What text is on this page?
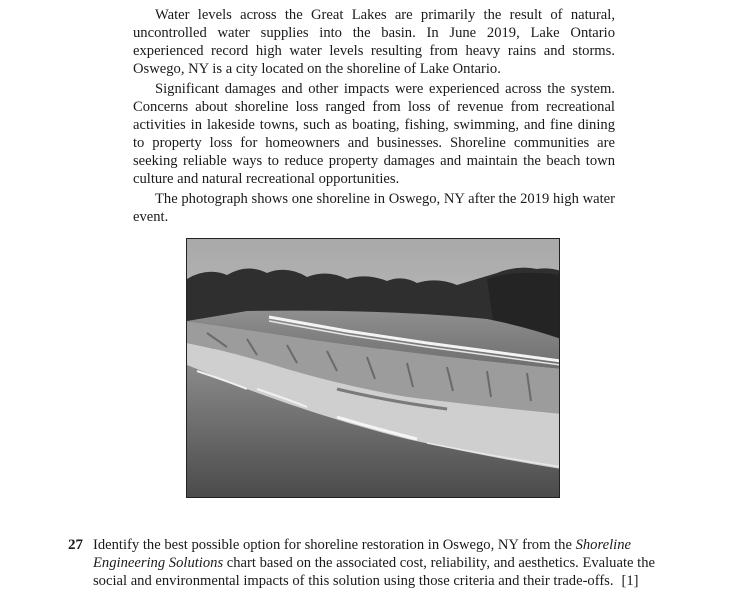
Water levels across the Great Lakes are primarily the result of natural, uncontrolled water supplies into the basin. In June 2019, Lake Ontario experienced record high water levels resulting from heavy rains and storms. Oswego, NY is a city located on the shoreline of Lake Ontario.

Significant damages and other impacts were experienced across the system. Concerns about shoreline loss ranged from loss of revenue from recreational activities in lakeside towns, such as boating, fishing, swimming, and fine dining to property loss for homeowners and businesses. Shoreline communities are seeking reliable ways to reduce property damages and maintain the beach town culture and natural recreational opportunities.

The photograph shows one shoreline in Oswego, NY after the 2019 high water event.

27 Identify the best possible option for shoreline restoration in Oswego, NY from the Shoreline Engineering Solutions chart based on the associated cost, reliability, and aesthetics. Evaluate the social and environmental impacts of this solution using those criteria and their trade-offs. [1]
